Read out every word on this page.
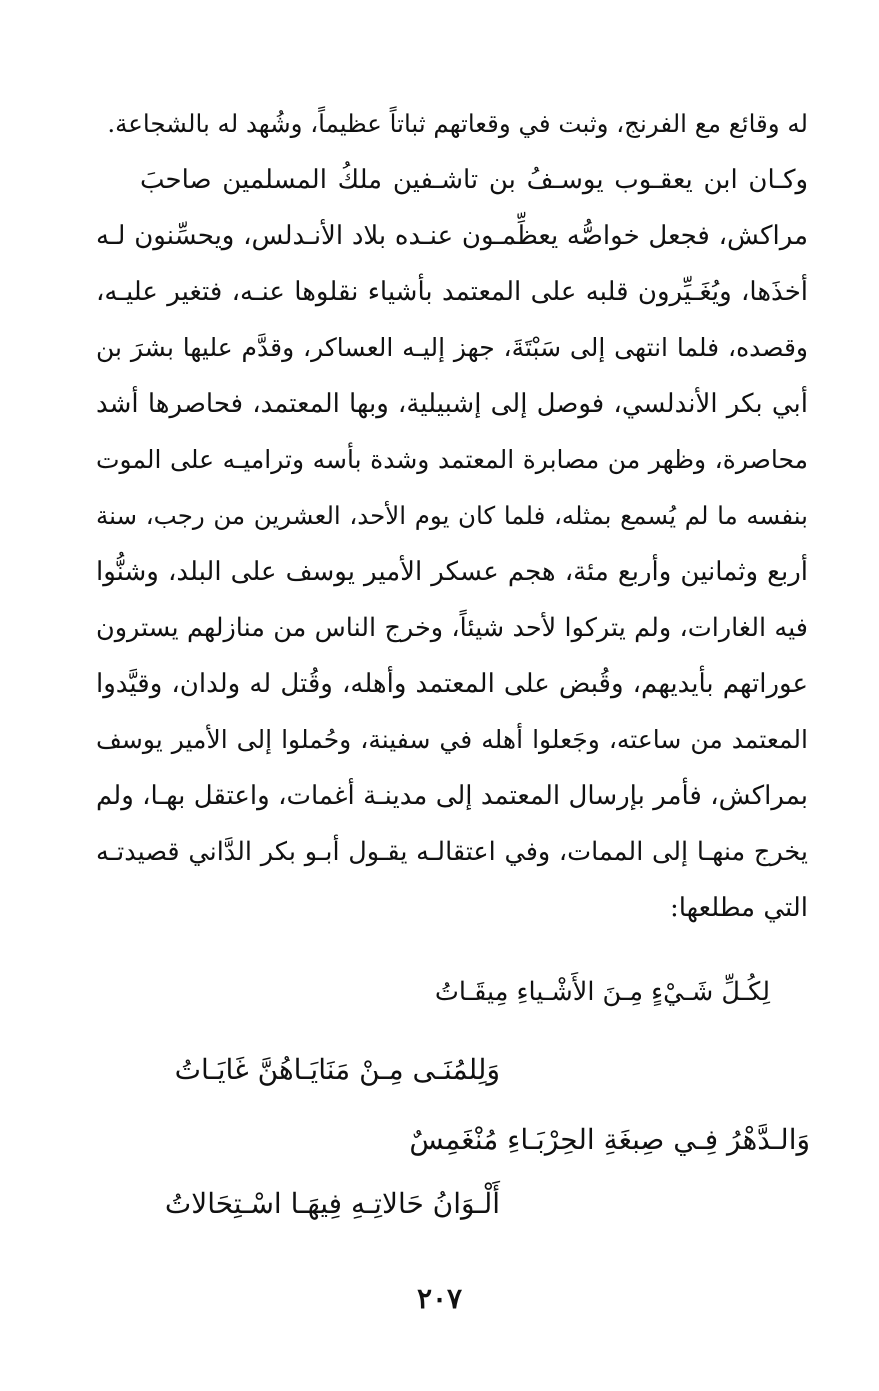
له وقائع مع الفرنج، وثبت في وقعاتهم ثباتاً عظيماً، وشُهد له بالشجاعة.
وكـان ابن يعقـوب يوسـفُ بن تاشـفين ملكُ المسلمين صاحبَ
مراكش، فجعل خواصُّه يعظِّمـون عنـده بلاد الأنـدلس، ويحسِّنون لـه
أخذَها، ويُغَـيِّرون قلبه على المعتمد بأشياء نقلوها عنـه، فتغير عليـه،
وقصده، فلما انتهى إلى سَبْتَةَ، جهز إليـه العساكر، وقدَّم عليها بشرَ بن
أبي بكر الأندلسي، فوصل إلى إشبيلية، وبها المعتمد، فحاصرها أشد
محاصرة، وظهر من مصابرة المعتمد وشدة بأسه وتراميـه على الموت
بنفسه ما لم يُسمع بمثله، فلما كان يوم الأحد، العشرين من رجب، سنة
أربع وثمانين وأربع مئة، هجم عسكر الأمير يوسف على البلد، وشنُّوا
فيه الغارات، ولم يتركوا لأحد شيئاً، وخرج الناس من منازلهم يسترون
عوراتهم بأيديهم، وقُبض على المعتمد وأهله، وقُتل له ولدان، وقيَّدوا
المعتمد من ساعته، وجَعلوا أهله في سفينة، وحُملوا إلى الأمير يوسف
بمراكش، فأمر بإرسال المعتمد إلى مدينـة أغمات، واعتقل بهـا، ولم
يخرج منهـا إلى الممات، وفي اعتقالـه يقـول أبـو بكر الدَّاني قصيدتـه
التي مطلعها:
لِكُـلِّ شَـيْءٍ مِـنَ الأَشْـياءِ مِيقَـاتُ
وَلِلمُنَـى مِـنْ مَنَايَـاهُنَّ غَايَـاتُ
وَالـدَّهْرُ فِـي صِبغَةِ الحِرْبَـاءِ مُنْغَمِسٌ
أَلْـوَانُ حَالاتِـهِ فِيهَـا اسْـتِحَالاتُ
٢٠٧
